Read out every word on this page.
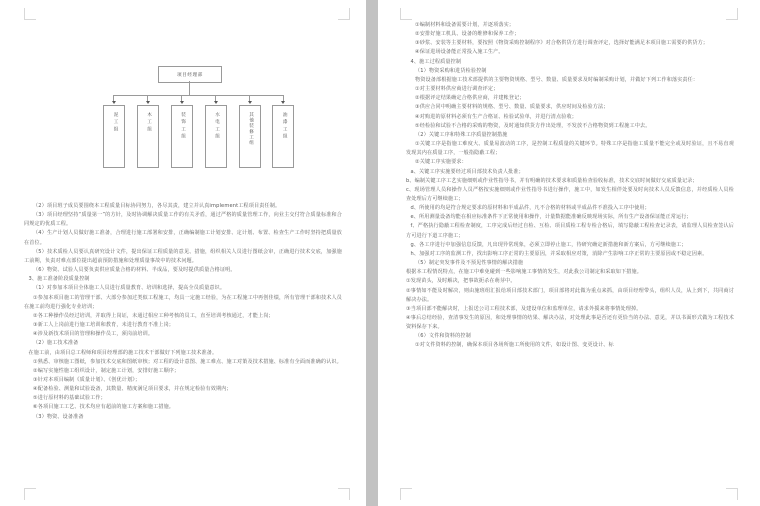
项目经理部
泥工组	木工组	装饰工组	水电工组	其他装修工组	油漆工组

（2）项目班子成员要围绕本工程质量目标协同努力，各尽其责，建立并认真implement工程项目责任制。

（3）项目经理坚持“质量第一”的方针，及时协调解决质量工作的有关矛盾，通过严格的质量管理工作，向业主交付符合质量标准和合同规定的优质工程。

（4）生产计划人员做好施工准备，合理进行施工部署和安排，正确编制施工计划安排、定计划、布置、检查生产工作时坚持把质量放在首位。

（5）技术质检人员要认真研究设计文件，提出保证工程质量的意见、措施，组织相关人员进行图纸会审，正确进行技术交底，加强施工前期，负责对难点部位提出超前预防措施和处理质量事故中的技术问题。

（6）物资、试验人员要负责供应质量合格的材料、半成品，要及时提供质量合格证明。

3、施工准备阶段质量控制

（1）对参加本项目全体施工人员进行质量教育、培训和选择，提高全员质量意识。

①参加本项目施工的管理干部、大部分参加过类似工程施工，均具一定施工经验，为在工程施工中再创佳绩，所有管理干部和技术人员在施工前均进行强化专业培训；

②各工种操作员经过培训，并取得上岗证，未通过相应工种考核的员工，直至培训考核通过，才能上岗；

③新工人上岗前进行施工培训和教育，未进行教育不准上岗；

④涉及新技术项目的管理和操作员工，须岗前培训。

（2）施工技术准备

在施工前，由项目总工程师和项目经理部的施工技术干部做好下列施工技术准备。

①熟悉、审核施工图纸，参加技术交底和图纸审核；对工程的设计意图、施工难点、施工对策及技术措施、标准有全面而准确的认识。

②编写实施性施工组织设计，制定施工计划，安排好施工顺序；

③针对本项目编制《质量计划》、《创优计划》；

④配备检验、测量和试验设备，其数量、精度满足项目要求，并在规定检验有效期内；

⑤进行原材料的基础试验工作；

⑥各项目施工工艺、技术均应有超前的施工方案和施工措施。

（3）物资、设备准备

①编制材料和设备需要计划，并逐项落实；

②安排好施工机具、设备的维修和保养工作；

③砂浆、安装等主要材料，要按照《物资采购控制程序》对合格供货方进行调查评定，选择好能满足本项目施工需要的供货方；

④保证进场设备能正常投入施工生产。

4、施工过程质量控制

（1）物资采购和进货检验控制

物资设备部根据施工技术部提供的主要物资规格、型号、数量、质量要求及时编制采购计划，并做好下列工作和落实责任：

①对主要材料供应商进行调查评定；

②根据评定结果确定合格供应商，并建帐登记；

③供应合同中明确主要材料的规格、型号、数量、质量要求，供应时间及检验方法；

④对购进的原材料必须有生产合格证、检验试验单，并进行清点验收；

⑤经检验和试验不合格的采购的物资，及时通知供货方作出处理，不发放不合格物资到工程施工中去。

（2）关键工序和特殊工序质量控制措施

①关键工序是指施工难度大、质量易波动的工序，是控制工程质量的关键环节。特殊工序是指施工质量不能完全或及时验证，且不易直观发现其内在质量工序，一般指隐蔽工程；

②关键工序实施要求：

a、关键工序实施要经过项目部技术负责人批准；

b、编制关键工序工艺实施细则或作业性指导书，并有明确的技术要求和质量检查验收标准，技术交底时间做好交底质量记录；

c、现场管理人员和操作人员严格按实施细则或作业性指导书进行操作，施工中，如发生相伴处要及时向技术人员反馈信息，并经质检人员检查处理后方可继续施工；

d、所使用的均是符合规定要求的原材料和半成品件，凡不合格的材料或半成品件不准投入工序中使用；

e、所用测量设备均能在相应标准条件下正常使用和操作，计量数据能准确反映现场实际，所有生产设备保证能正常运行；

f、严格执行隐蔽工程检查制度，工序完成后经过自检、互检、项目质检工程专检合格后，填写隐蔽工程检查记录表，请监理人员检查签认后方可进行下道工序施工；

g、各工序进行中加强信息反馈，凡出现异常现象，必须立即停止施工，待研究确定新措施和新方案后，方可继续施工；

h、加强对工序的监测工作，找出影响工序正常的主要原因，并采取相应对策，消除产生影响工序正常的主要原因或不稳定因素。

（5）制定突发事件及不预见性事情的解决措施

根据本工程情况特点，在施工中难免碰到一些影响施工事情的发生，对此我公司制定和采取如下措施。

①发现苗头，及时解决，把事故扼杀在萌芽中。

②事情如不能及时解决，则由施班组汇报给项目部技术部门，项目部将对此做为重点来抓，由项目经理带头，组织人员，从上到下，共同商讨解决办法。

③当项目部不能解决时，上报送公司工程技术部，及建设单位和监理单位，请求外援来将事情处理掉。

④事后总结经验，查清事发生的原因，和处理事情的结果、解决办法，对处理此事是否还有更恰当的办法、意见，并以书面形式做为工程技术资料保存下来。

（6）文件和资料的控制

①对文件资料的控制，确保本项目各场所施工所使用的文件，如设计图、变更设计、标
